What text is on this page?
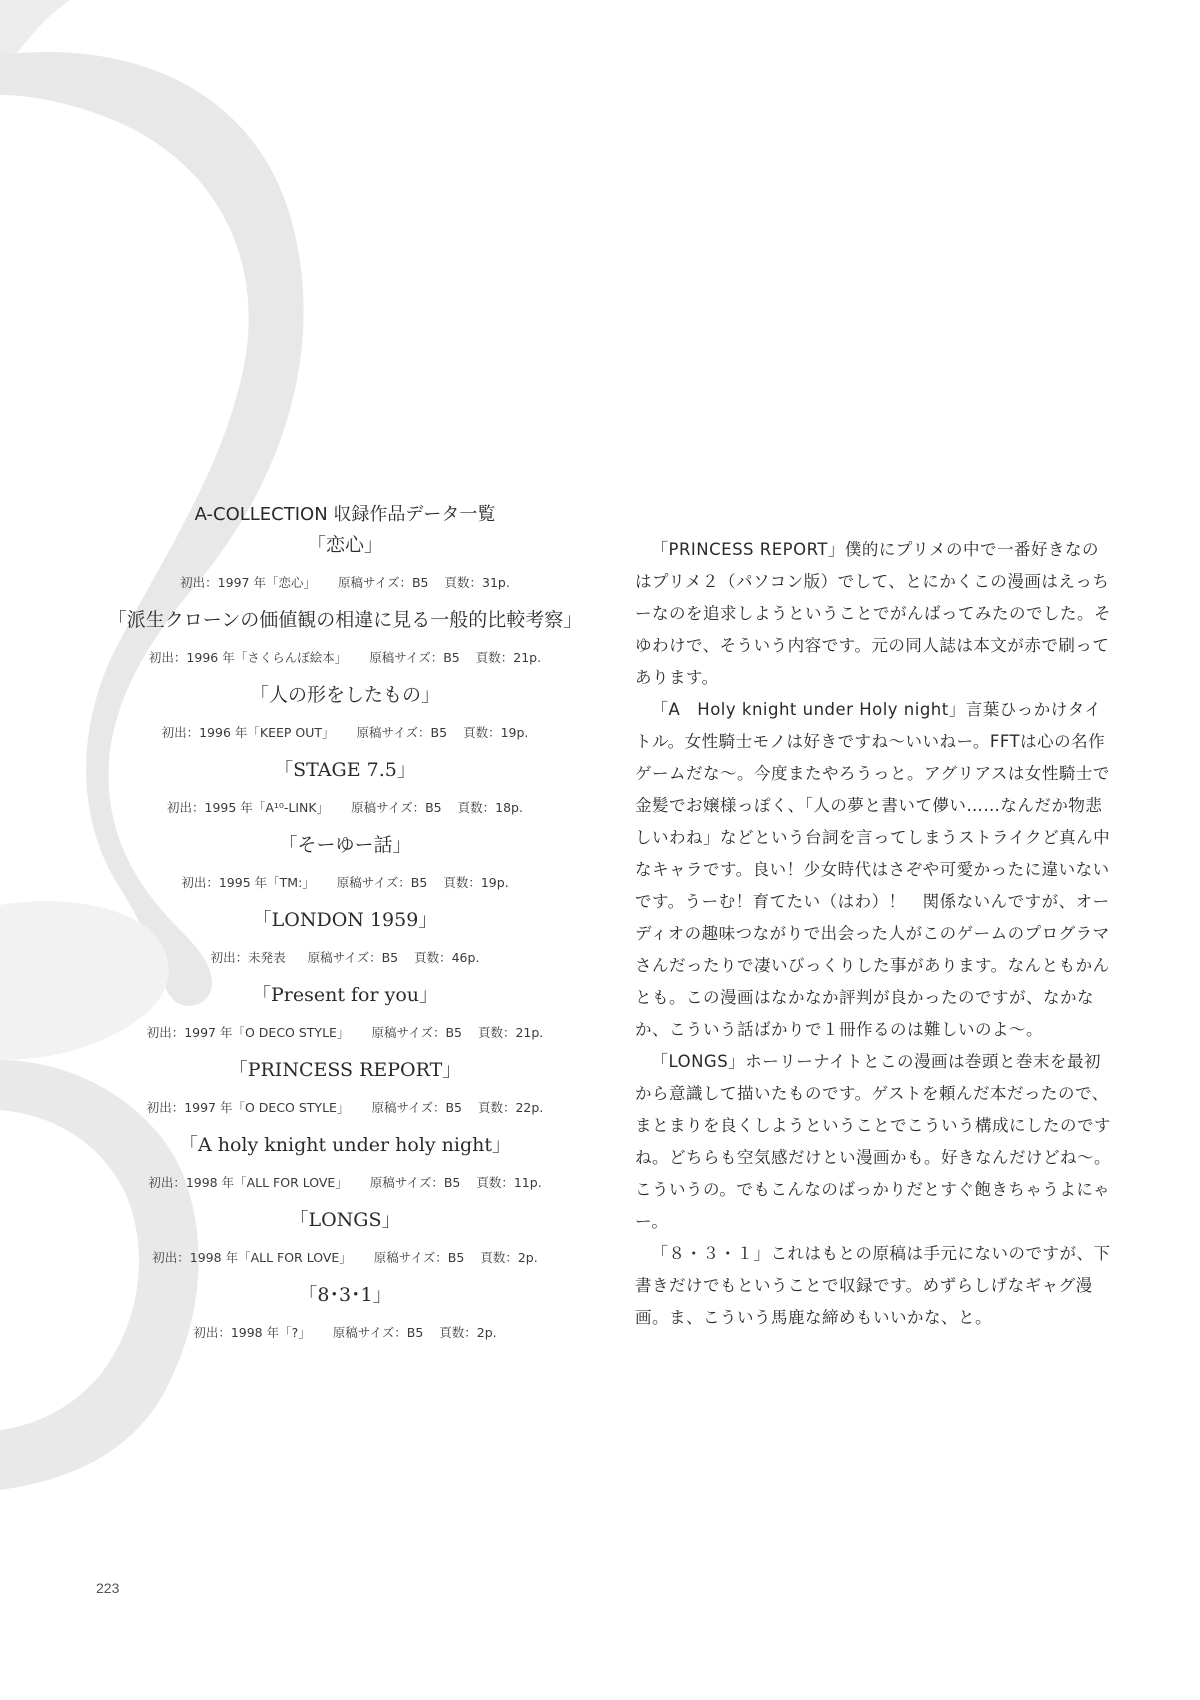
A-COLLECTION 収録作品データ一覧
「恋心」
初出：1997 年「恋心」 原稿サイズ：B5 頁数：31p.
「派生クローンの価値観の相違に見る一般的比較考察」
初出：1996 年「さくらんぼ絵本」 原稿サイズ：B5 頁数：21p.
「人の形をしたもの」
初出：1996 年「KEEP OUT」 原稿サイズ：B5 頁数：19p.
「STAGE 7.5」
初出：1995 年「A¹⁰-LINK」 原稿サイズ：B5 頁数：18p.
「そーゆー話」
初出：1995 年「TM:」 原稿サイズ：B5 頁数：19p.
「LONDON 1959」
初出：未発表 原稿サイズ：B5 頁数：46p.
「Present for you」
初出：1997 年「O DECO STYLE」 原稿サイズ：B5 頁数：21p.
「PRINCESS REPORT」
初出：1997 年「O DECO STYLE」 原稿サイズ：B5 頁数：22p.
「A holy knight under holy night」
初出：1998 年「ALL FOR LOVE」 原稿サイズ：B5 頁数：11p.
「LONGS」
初出：1998 年「ALL FOR LOVE」 原稿サイズ：B5 頁数：2p.
「8･3･1」
初出：1998 年「?」 原稿サイズ：B5 頁数：2p.

「PRINCESS REPORT」僕的にプリメの中で一番好きなのはプリメ２（パソコン版）でして、とにかくこの漫画はえっちーなのを追求しようということでがんばってみたのでした。そゆわけで、そういう内容です。元の同人誌は本文が赤で刷ってあります。

「A　Holy knight under Holy night」言葉ひっかけタイトル。女性騎士モノは好きですね〜いいねー。FFTは心の名作ゲームだな〜。今度またやろうっと。アグリアスは女性騎士で金髪でお嬢様っぽく、「人の夢と書いて儚い……なんだか物悲しいわね」などという台詞を言ってしまうストライクど真ん中なキャラです。良い！少女時代はさぞや可愛かったに違いないです。うーむ！育てたい（はわ）！　関係ないんですが、オーディオの趣味つながりで出会った人がこのゲームのプログラマさんだったりで凄いびっくりした事があります。なんともかんとも。この漫画はなかなか評判が良かったのですが、なかなか、こういう話ばかりで１冊作るのは難しいのよ〜。

「LONGS」ホーリーナイトとこの漫画は巻頭と巻末を最初から意識して描いたものです。ゲストを頼んだ本だったので、まとまりを良くしようということでこういう構成にしたのですね。どちらも空気感だけとい漫画かも。好きなんだけどね〜。こういうの。でもこんなのばっかりだとすぐ飽きちゃうよにゃー。

「８・３・１」これはもとの原稿は手元にないのですが、下書きだけでもということで収録です。めずらしげなギャグ漫画。ま、こういう馬鹿な締めもいいかな、と。

223
